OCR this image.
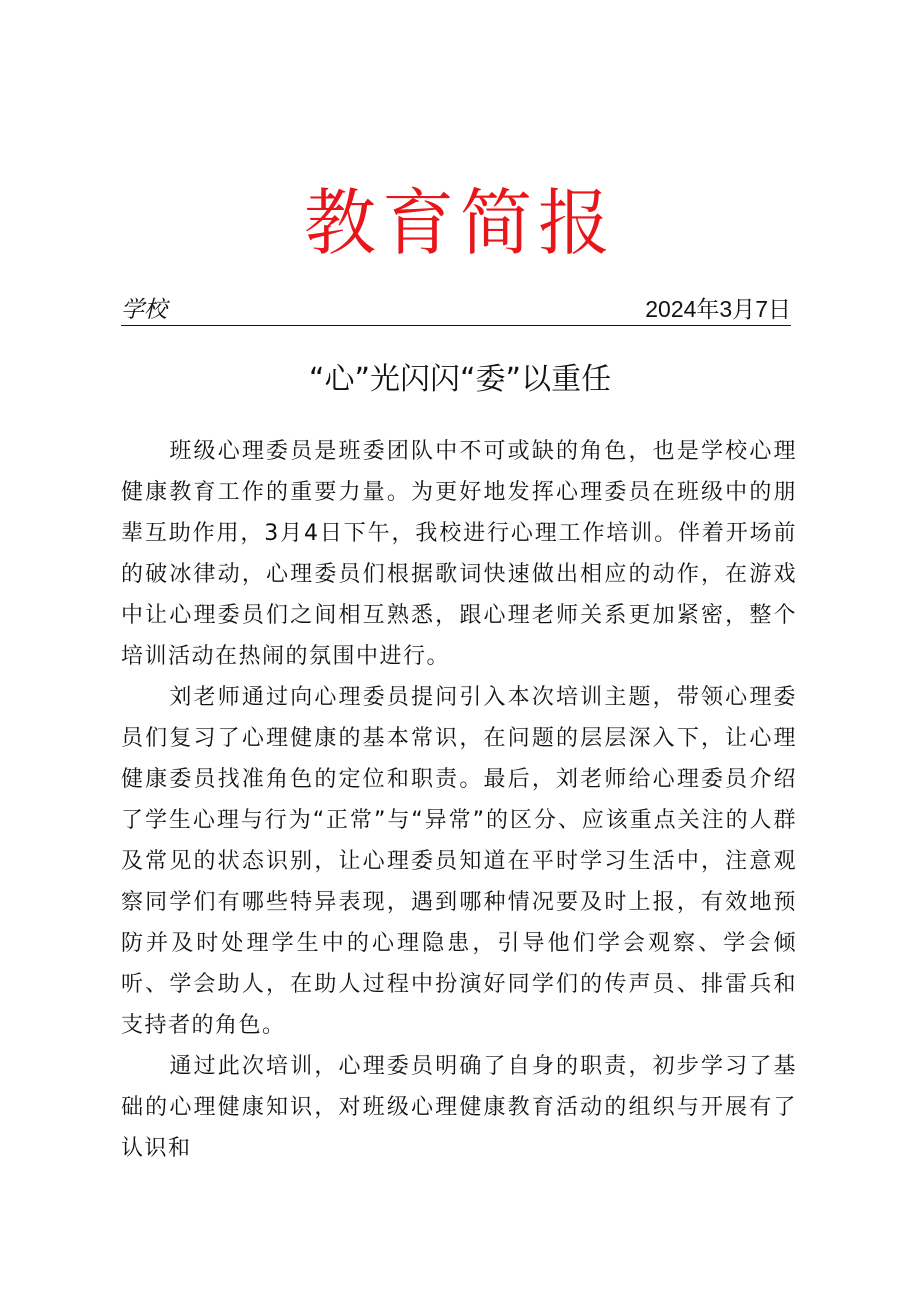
教育简报
学校	2024年3月7日
“心”光闪闪“委”以重任

班级心理委员是班委团队中不可或缺的角色，也是学校心理健康教育工作的重要力量。为更好地发挥心理委员在班级中的朋辈互助作用，3月4日下午，我校进行心理工作培训。伴着开场前的破冰律动，心理委员们根据歌词快速做出相应的动作，在游戏中让心理委员们之间相互熟悉，跟心理老师关系更加紧密，整个培训活动在热闹的氛围中进行。

刘老师通过向心理委员提问引入本次培训主题，带领心理委员们复习了心理健康的基本常识，在问题的层层深入下，让心理健康委员找准角色的定位和职责。最后，刘老师给心理委员介绍了学生心理与行为“正常”与“异常”的区分、应该重点关注的人群及常见的状态识别，让心理委员知道在平时学习生活中，注意观察同学们有哪些特异表现，遇到哪种情况要及时上报，有效地预防并及时处理学生中的心理隐患，引导他们学会观察、学会倾听、学会助人，在助人过程中扮演好同学们的传声员、排雷兵和支持者的角色。

通过此次培训，心理委员明确了自身的职责，初步学习了基础的心理健康知识，对班级心理健康教育活动的组织与开展有了认识和
